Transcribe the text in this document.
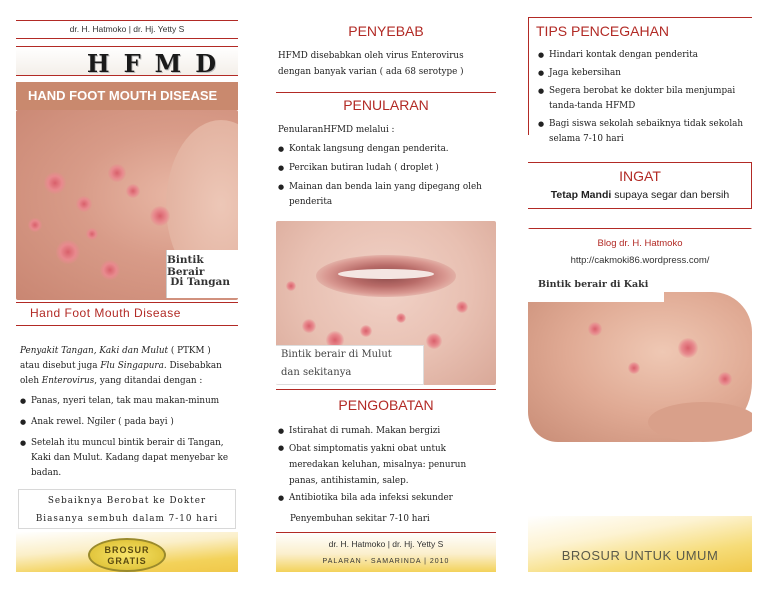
dr. H. Hatmoko | dr. Hj. Yetty S
HFMD
HAND FOOT MOUTH DISEASE
Bintik Berair
Di Tangan
Hand Foot Mouth Disease
Penyakit Tangan, Kaki dan Mulut ( PTKM )
atau disebut juga Flu Singapura. Disebabkan
oleh Enterovirus, yang ditandai dengan :
● Panas, nyeri telan, tak mau makan-minum
● Anak rewel. Ngiler ( pada bayi )
● Setelah itu muncul bintik berair di Tangan, Kaki dan Mulut. Kadang dapat menyebar ke badan.
Sebaiknya Berobat ke Dokter
Biasanya sembuh dalam 7-10 hari
BROSUR
GRATIS
PENYEBAB
HFMD disebabkan oleh virus Enterovirus dengan banyak varian ( ada 68 serotype )
PENULARAN
PenularanHFMD melalui :
● Kontak langsung dengan penderita.
● Percikan butiran ludah ( droplet )
● Mainan dan benda lain yang dipegang oleh penderita
Bintik berair di Mulut
dan sekitanya
PENGOBATAN
● Istirahat di rumah. Makan bergizi
● Obat simptomatis yakni obat untuk meredakan keluhan, misalnya: penurun panas, antihistamin, salep.
● Antibiotika bila ada infeksi sekunder
Penyembuhan sekitar 7-10 hari
dr. H. Hatmoko | dr. Hj. Yetty S
PALARAN - SAMARINDA | 2010
TIPS PENCEGAHAN
● Hindari kontak dengan penderita
● Jaga kebersihan
● Segera berobat ke dokter bila menjumpai tanda-tanda HFMD
● Bagi siswa sekolah sebaiknya tidak sekolah selama 7-10 hari
INGAT
Tetap Mandi supaya segar dan bersih
Blog dr. H. Hatmoko
http://cakmoki86.wordpress.com/
Bintik berair di Kaki
BROSUR UNTUK UMUM
